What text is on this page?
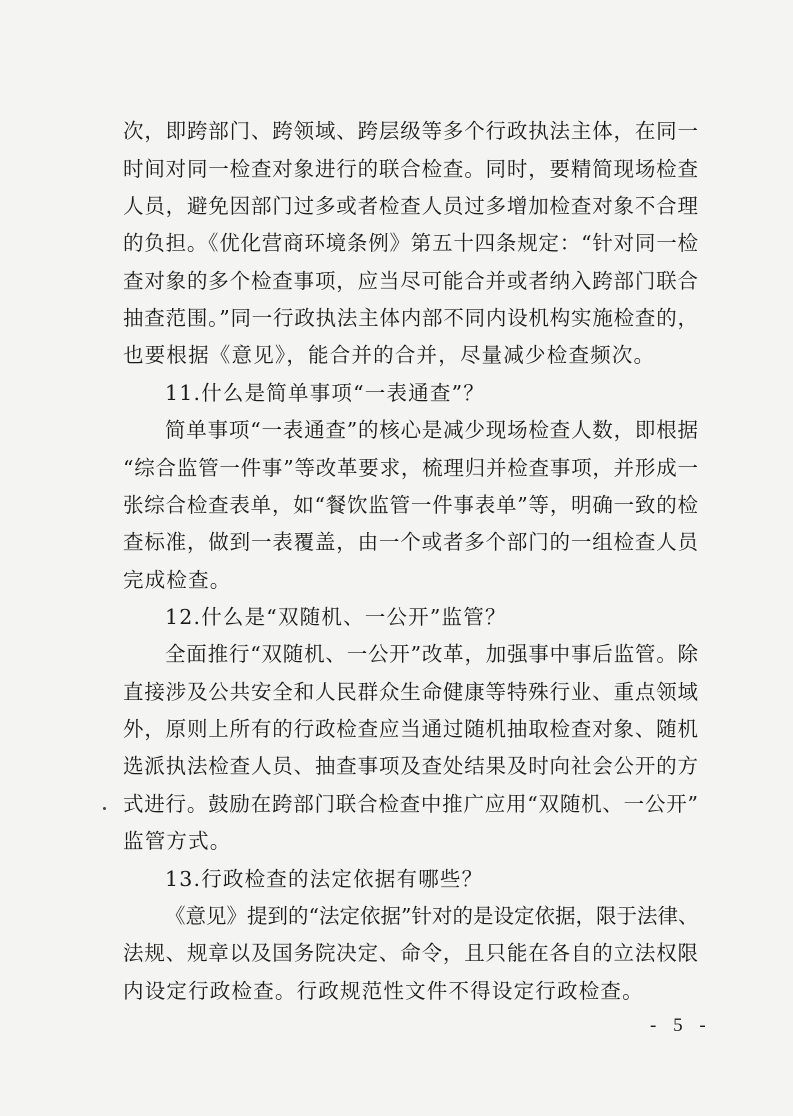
次，即跨部门、跨领域、跨层级等多个行政执法主体，在同一
时间对同一检查对象进行的联合检查。同时，要精简现场检查
人员，避免因部门过多或者检查人员过多增加检查对象不合理
的负担。《优化营商环境条例》第五十四条规定：“针对同一检
查对象的多个检查事项，应当尽可能合并或者纳入跨部门联合
抽查范围。”同一行政执法主体内部不同内设机构实施检查的，
也要根据《意见》，能合并的合并，尽量减少检查频次。
11.什么是简单事项“一表通查”？
简单事项“一表通查”的核心是减少现场检查人数，即根据
“综合监管一件事”等改革要求，梳理归并检查事项，并形成一
张综合检查表单，如“餐饮监管一件事表单”等，明确一致的检
查标准，做到一表覆盖，由一个或者多个部门的一组检查人员
完成检查。
12.什么是“双随机、一公开”监管？
全面推行“双随机、一公开”改革，加强事中事后监管。除
直接涉及公共安全和人民群众生命健康等特殊行业、重点领域
外，原则上所有的行政检查应当通过随机抽取检查对象、随机
选派执法检查人员、抽查事项及查处结果及时向社会公开的方
式进行。鼓励在跨部门联合检查中推广应用“双随机、一公开”
监管方式。
13.行政检查的法定依据有哪些？
《意见》提到的“法定依据”针对的是设定依据，限于法律、
法规、规章以及国务院决定、命令，且只能在各自的立法权限
内设定行政检查。行政规范性文件不得设定行政检查。
- 5 -
